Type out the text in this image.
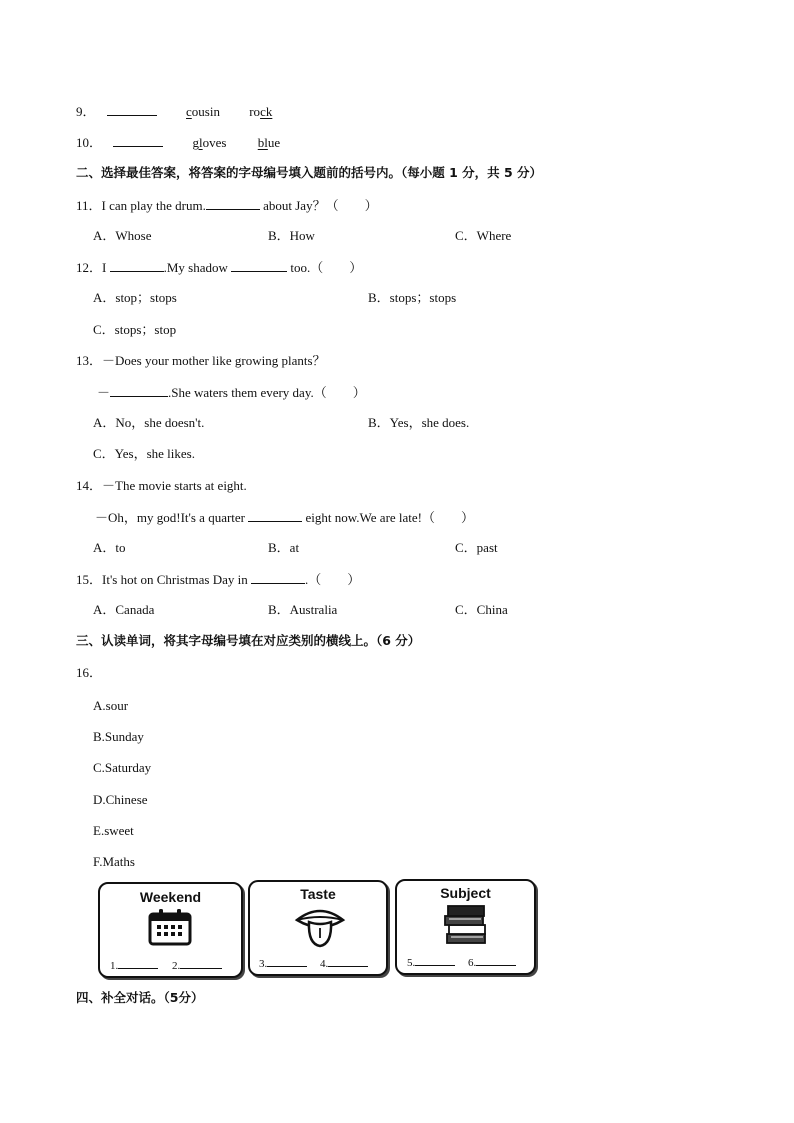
9．	cousin rock
10．	gloves blue
二、选择最佳答案，将答案的字母编号填入题前的括号内。（每小题 1 分，共 5 分）
11．I can play the drum.	about Jay？（　　）
A．Whose	B．How	C．Where
12．I	.My shadow	too.（　　）
A．stop；stops	B．stops；stops
C．stops；stop
13．－Does your mother like growing plants？
－	.She waters them every day.（　　）
A．No，she doesn't.	B．Yes，she does.
C．Yes，she likes.
14．－The movie starts at eight.
－Oh，my god!It's a quarter	eight now.We are late!（　　）
A．to	B．at	C．past
15．It's hot on Christmas Day in	.（　　）
A．Canada	B．Australia	C．China
三、认读单词，将其字母编号填在对应类别的横线上。（6 分）
16．
A.sour
B.Sunday
C.Saturday
D.Chinese
E.sweet
F.Maths
Weekend
1.	2.
Taste
3.	4.
Subject
5.	6.
四、补全对话。（5分）
